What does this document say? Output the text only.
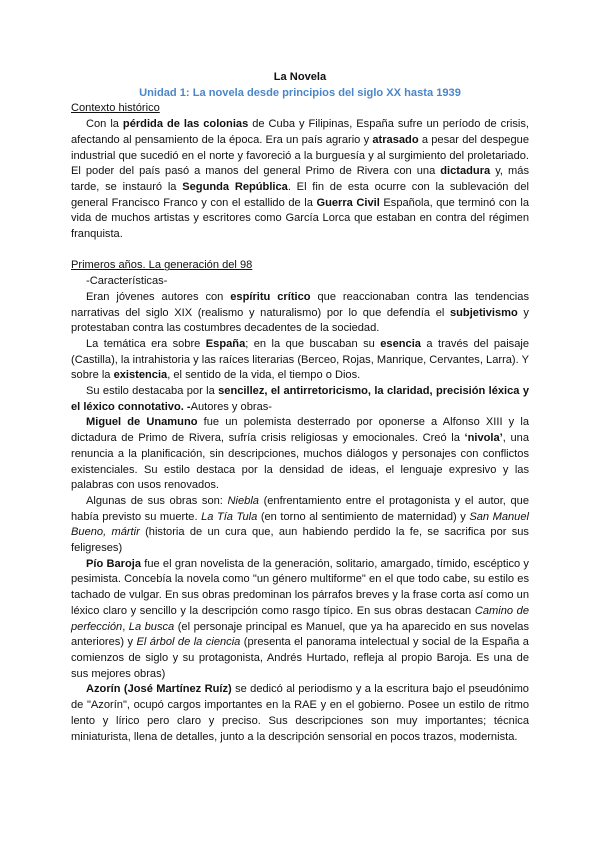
La Novela

Unidad 1: La novela desde principios del siglo XX hasta 1939

Contexto histórico

Con la pérdida de las colonias de Cuba y Filipinas, España sufre un período de crisis, afectando al pensamiento de la época. Era un país agrario y atrasado a pesar del despegue industrial que sucedió en el norte y favoreció a la burguesía y al surgimiento del proletariado. El poder del país pasó a manos del general Primo de Rivera con una dictadura y, más tarde, se instauró la Segunda República. El fin de esta ocurre con la sublevación del general Francisco Franco y con el estallido de la Guerra Civil Española, que terminó con la vida de muchos artistas y escritores como García Lorca que estaban en contra del régimen franquista.

Primeros años. La generación del 98

-Características-

Eran jóvenes autores con espíritu crítico que reaccionaban contra las tendencias narrativas del siglo XIX (realismo y naturalismo) por lo que defendía el subjetivismo y protestaban contra las costumbres decadentes de la sociedad.

La temática era sobre España; en la que buscaban su esencia a través del paisaje (Castilla), la intrahistoria y las raíces literarias (Berceo, Rojas, Manrique, Cervantes, Larra). Y sobre la existencia, el sentido de la vida, el tiempo o Dios.

Su estilo destacaba por la sencillez, el antirretoricismo, la claridad, precisión léxica y el léxico connotativo. -Autores y obras-

Miguel de Unamuno fue un polemista desterrado por oponerse a Alfonso XIII y la dictadura de Primo de Rivera, sufría crisis religiosas y emocionales. Creó la ‘nivola’, una renuncia a la planificación, sin descripciones, muchos diálogos y personajes con conflictos existenciales. Su estilo destaca por la densidad de ideas, el lenguaje expresivo y las palabras con usos renovados.

Algunas de sus obras son: Niebla (enfrentamiento entre el protagonista y el autor, que había previsto su muerte. La Tía Tula (en torno al sentimiento de maternidad) y San Manuel Bueno, mártir (historia de un cura que, aun habiendo perdido la fe, se sacrifica por sus feligreses)

Pío Baroja fue el gran novelista de la generación, solitario, amargado, tímido, escéptico y pesimista. Concebía la novela como "un género multiforme" en el que todo cabe, su estilo es tachado de vulgar. En sus obras predominan los párrafos breves y la frase corta así como un léxico claro y sencillo y la descripción como rasgo típico. En sus obras destacan Camino de perfección, La busca (el personaje principal es Manuel, que ya ha aparecido en sus novelas anteriores) y El árbol de la ciencia (presenta el panorama intelectual y social de la España a comienzos de siglo y su protagonista, Andrés Hurtado, refleja al propio Baroja. Es una de sus mejores obras)

Azorín (José Martínez Ruíz) se dedicó al periodismo y a la escritura bajo el pseudónimo de "Azorín", ocupó cargos importantes en la RAE y en el gobierno. Posee un estilo de ritmo lento y lírico pero claro y preciso. Sus descripciones son muy importantes; técnica miniaturista, llena de detalles, junto a la descripción sensorial en pocos trazos, modernista.
